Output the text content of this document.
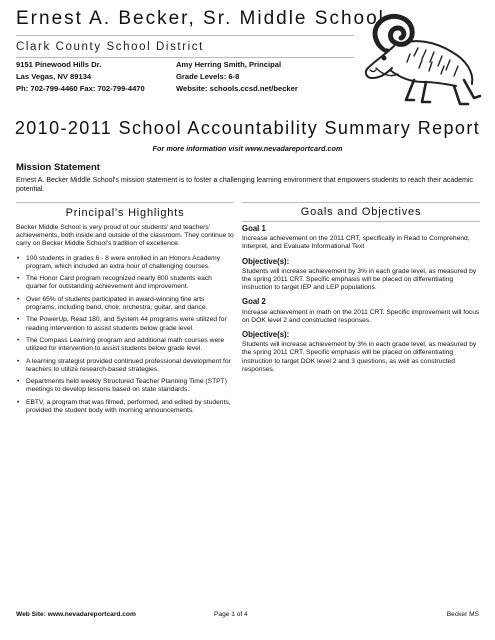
Ernest A. Becker, Sr. Middle School
Clark County School District
9151 Pinewood Hills Dr.
Las Vegas, NV 89134
Ph: 702-799-4460 Fax: 702-799-4470
Amy Herring Smith, Principal
Grade Levels: 6-8
Website: schools.ccsd.net/becker
2010-2011 School Accountability Summary Report
For more information visit www.nevadareportcard.com
Mission Statement
Ernest A. Becker Middle School's mission statement is to foster a challenging learning environment that empowers students to reach their academic potential.
Principal's Highlights	Goals and Objectives

Becker Middle School is very proud of our students' and teachers' achievements, both inside and outside of the classroom. They continue to carry on Becker Middle School's tradition of excellence.

• 100 students in grades 6 - 8 were enrolled in an Honors Academy program, which included an extra hour of challenging courses.
• The Honor Card program recognized nearly 800 students each quarter for outstanding achievement and improvement.
• Over 65% of students participated in award-winning fine arts programs, including band, choir, orchestra, guitar, and dance.
• The PowerUp, Read 180, and System 44 programs were utilized for reading intervention to assist students below grade level.
• The Compass Learning program and additional math courses were utilized for intervention to assist students below grade level.
• A learning strategist provided continued professional development for teachers to utilize research-based strategies.
• Departments held weekly Structured Teacher Planning Time (STPT) meetings to develop lessons based on state standards.
• EBTV, a program that was filmed, performed, and edited by students, provided the student body with morning announcements.
Goal 1
Increase achievement on the 2011 CRT, specifically in Read to Comprehend, Interpret, and Evaluate Informational Text
Objective(s):
Students will increase achievement by 3% in each grade level, as measured by the spring 2011 CRT. Specific emphasis will be placed on differentiating instruction to target IEP and LEP populations.
Goal 2
Increase achievement in math on the 2011 CRT. Specific improvement will focus on DOK level 2 and constructed responses.
Objective(s):
Students will increase achievement by 3% in each grade level, as measured by the spring 2011 CRT. Specific emphasis will be placed on differentiating instruction to target DOK level 2 and 3 questions, as well as constructed responses.
Web Site: www.nevadareportcard.com	Page 1 of 4	Becker MS
